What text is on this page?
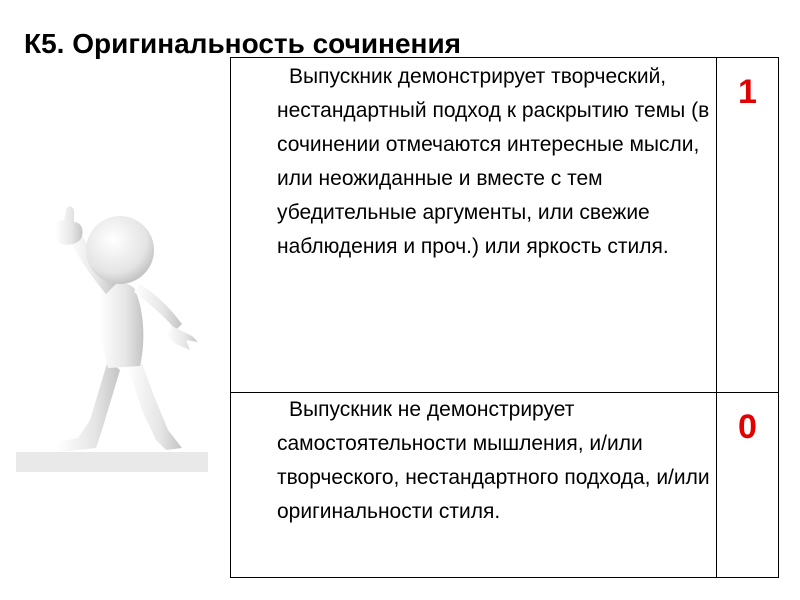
К5. Оригинальность сочинения
Выпускник демонстрирует творческий, нестандартный подход к раскрытию темы (в сочинении отмечаются интересные мысли, или неожиданные и вместе с тем убедительные аргументы, или свежие наблюдения и проч.) или яркость стиля.	1

Выпускник не демонстрирует самостоятельности мышления, и/или творческого, нестандартного подхода, и/или оригинальности стиля.	0
